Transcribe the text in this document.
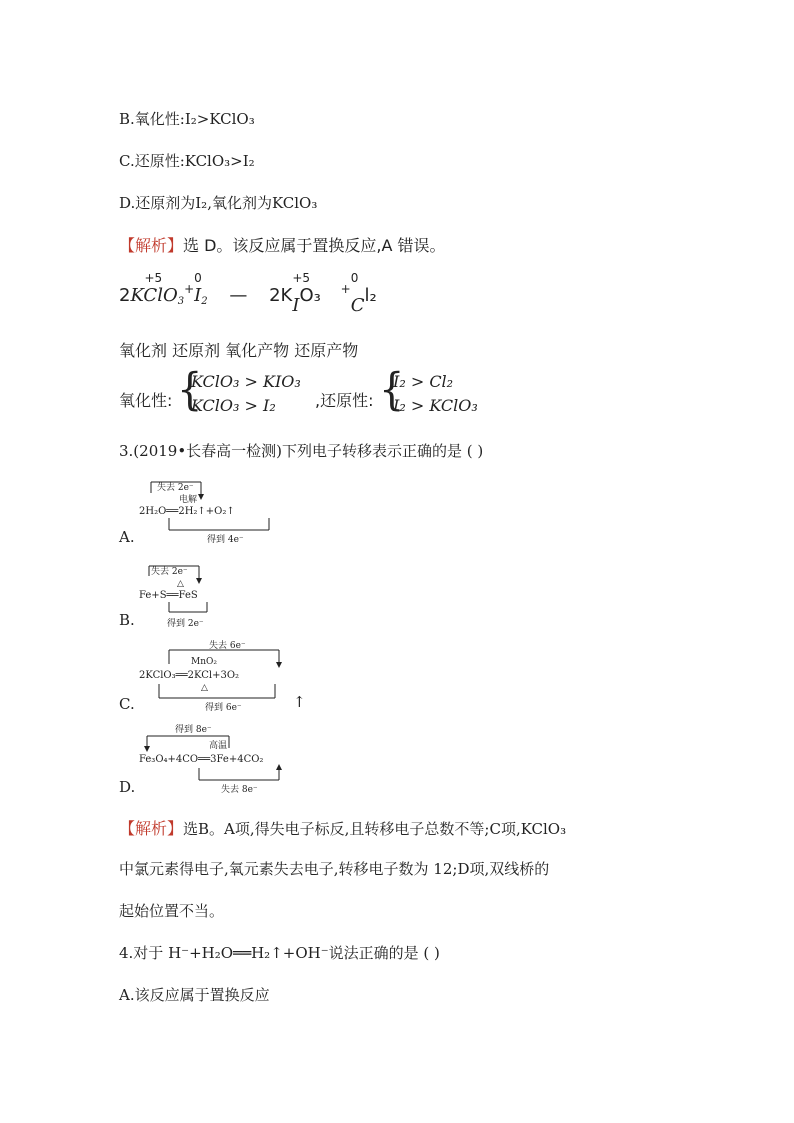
B.氧化性:I₂>KClO₃
C.还原性:KClO₃>I₂
D.还原剂为I₂,氧化剂为KClO₃
【解析】选 D。该反应属于置换反应,A 错误。
2
+5
KClO$_3$+
0
$I_2$ — 2K
+5
IO₃ +
0
Cl₂
氧化剂 还原剂 氧化产物 还原产物
氧化性: {
KClO₃ > KIO₃
KClO₃ > I₂ ,还原性: {
I₂ > Cl₂
I₂ > KClO₃
3.(2019•长春高一检测)下列电子转移表示正确的是 ( )
失去 2e⁻
电解
2H₂O══2H₂↑+O₂↑
得到 4e⁻
A.
失去 2e⁻
△
Fe+S══FeS
得到 2e⁻
B.
失去 6e⁻
MnO₂
2KClO₃══2KCl+3O₂
△
得到 6e⁻
C.	↑
得到 8e⁻
高温
Fe₃O₄+4CO══3Fe+4CO₂
失去 8e⁻
D.
【解析】选B。A项,得失电子标反,且转移电子总数不等;C项,KClO₃
中氯元素得电子,氧元素失去电子,转移电子数为 12;D项,双线桥的
起始位置不当。
4.对于 H⁻+H₂O══H₂↑+OH⁻说法正确的是 ( )
A.该反应属于置换反应
